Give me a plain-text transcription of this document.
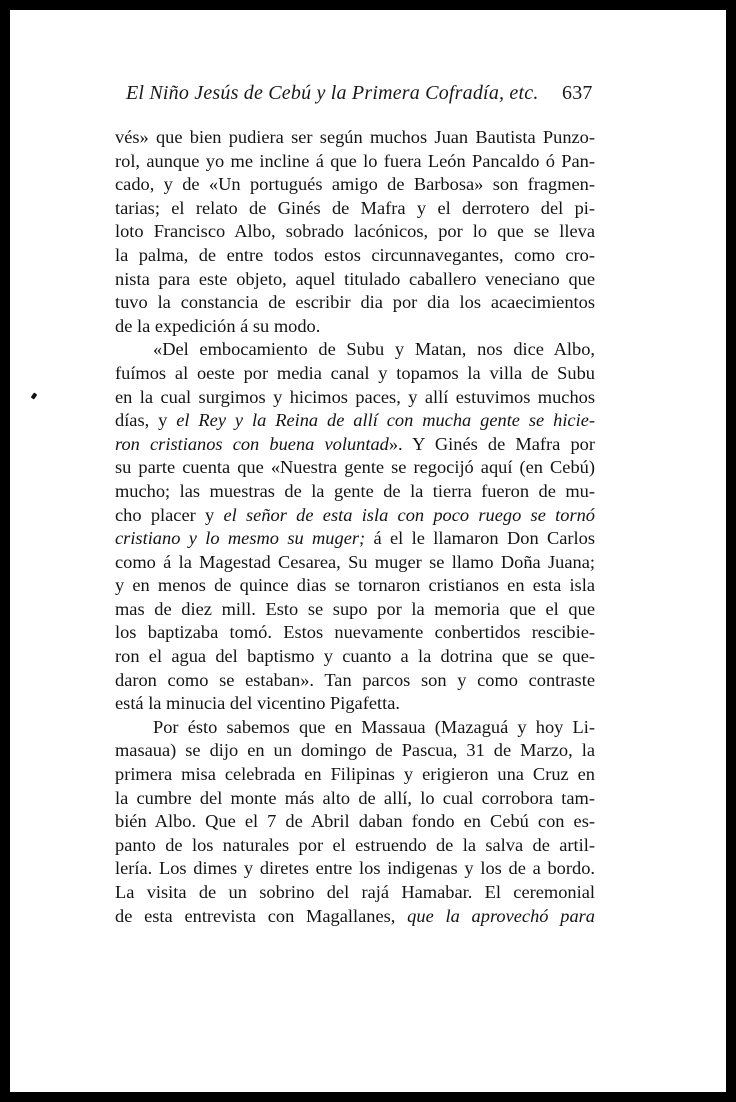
El Niño Jesús de Cebú y la Primera Cofradía, etc. 637
vés» que bien pudiera ser según muchos Juan Bautista Punzo-
rol, aunque yo me incline á que lo fuera León Pancaldo ó Pan-
cado, y de «Un portugués amigo de Barbosa» son fragmen-
tarias; el relato de Ginés de Mafra y el derrotero del pi-
loto Francisco Albo, sobrado lacónicos, por lo que se lleva
la palma, de entre todos estos circunnavegantes, como cro-
nista para este objeto, aquel titulado caballero veneciano que
tuvo la constancia de escribir dia por dia los acaecimientos
de la expedición á su modo.
«Del embocamiento de Subu y Matan, nos dice Albo,
fuímos al oeste por media canal y topamos la villa de Subu
en la cual surgimos y hicimos paces, y allí estuvimos muchos
días, y el Rey y la Reina de allí con mucha gente se hicie-
ron cristianos con buena voluntad». Y Ginés de Mafra por
su parte cuenta que «Nuestra gente se regocijó aquí (en Cebú)
mucho; las muestras de la gente de la tierra fueron de mu-
cho placer y el señor de esta isla con poco ruego se tornó
cristiano y lo mesmo su muger; á el le llamaron Don Carlos
como á la Magestad Cesarea, Su muger se llamo Doña Juana;
y en menos de quince dias se tornaron cristianos en esta isla
mas de diez mill. Esto se supo por la memoria que el que
los baptizaba tomó. Estos nuevamente conbertidos rescibie-
ron el agua del baptismo y cuanto a la dotrina que se que-
daron como se estaban». Tan parcos son y como contraste
está la minucia del vicentino Pigafetta.
Por ésto sabemos que en Massaua (Mazaguá y hoy Li-
masaua) se dijo en un domingo de Pascua, 31 de Marzo, la
primera misa celebrada en Filipinas y erigieron una Cruz en
la cumbre del monte más alto de allí, lo cual corrobora tam-
bién Albo. Que el 7 de Abril daban fondo en Cebú con es-
panto de los naturales por el estruendo de la salva de artil-
lería. Los dimes y diretes entre los indigenas y los de a bordo.
La visita de un sobrino del rajá Hamabar. El ceremonial
de esta entrevista con Magallanes, que la aprovechó para
